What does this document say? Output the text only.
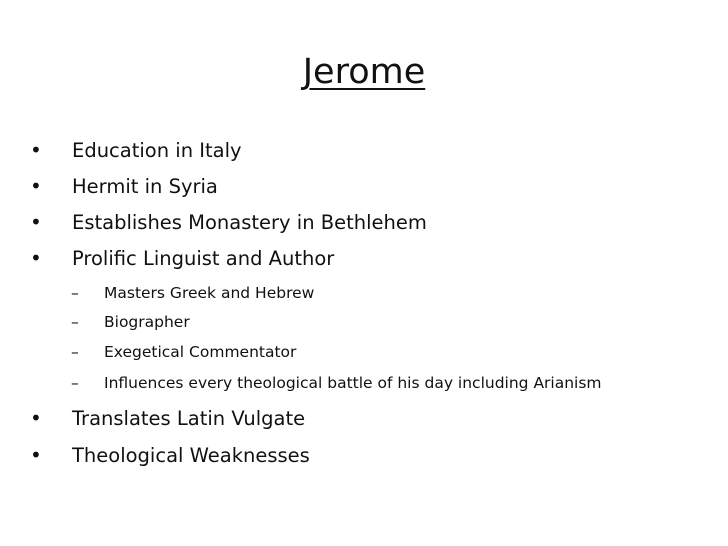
Jerome
• Education in Italy
• Hermit in Syria
• Establishes Monastery in Bethlehem
• Prolific Linguist and Author
– Masters Greek and Hebrew
– Biographer
– Exegetical Commentator
– Influences every theological battle of his day including Arianism
• Translates Latin Vulgate
• Theological Weaknesses
